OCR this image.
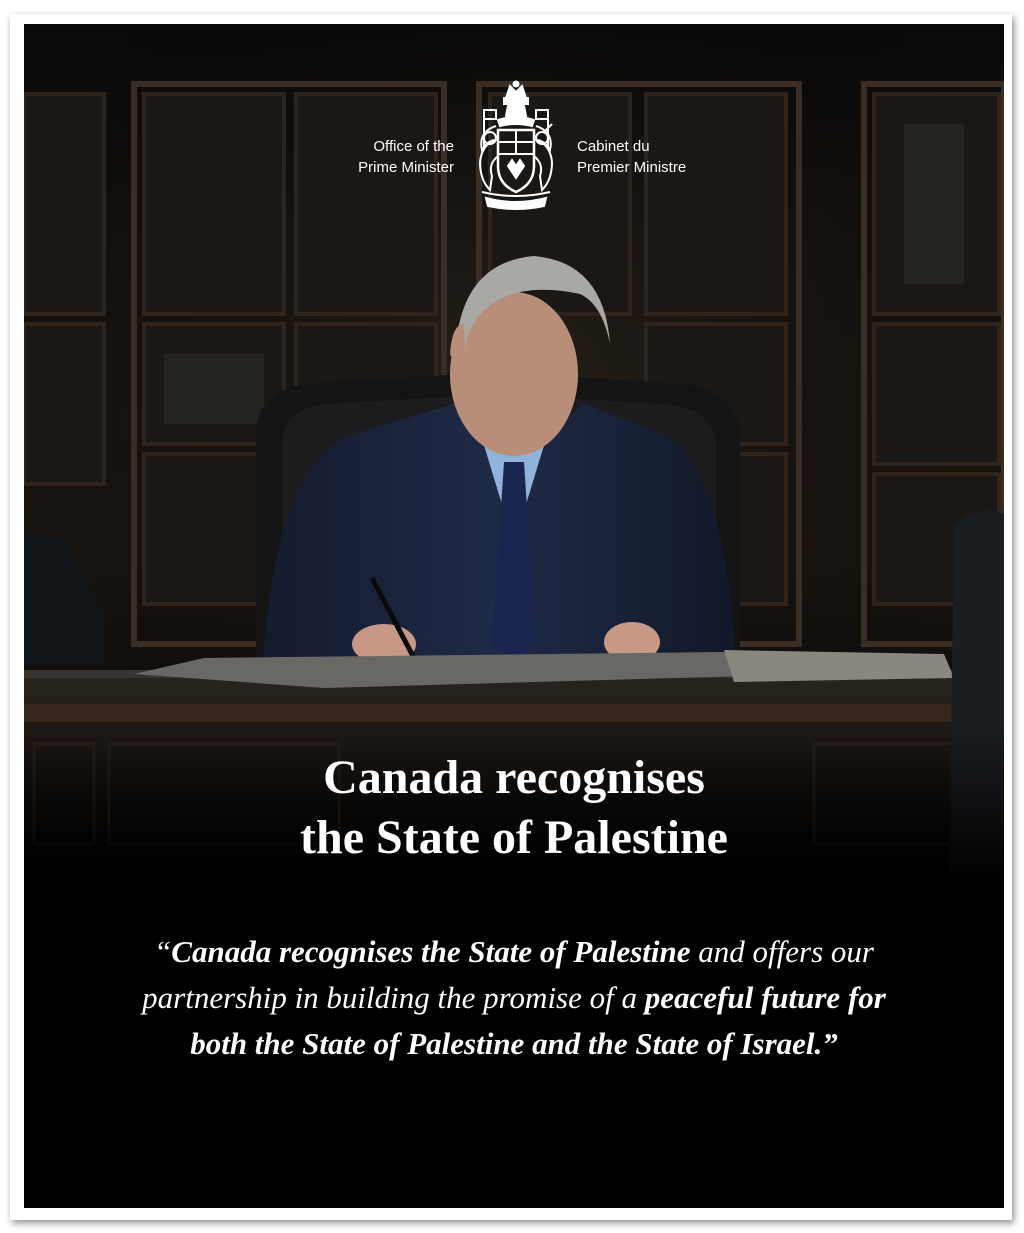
Office of the
Prime Minister
Cabinet du
Premier Ministre
Canada recognises
the State of Palestine
“Canada recognises the State of Palestine and offers our partnership in building the promise of a peaceful future for both the State of Palestine and the State of Israel.”
